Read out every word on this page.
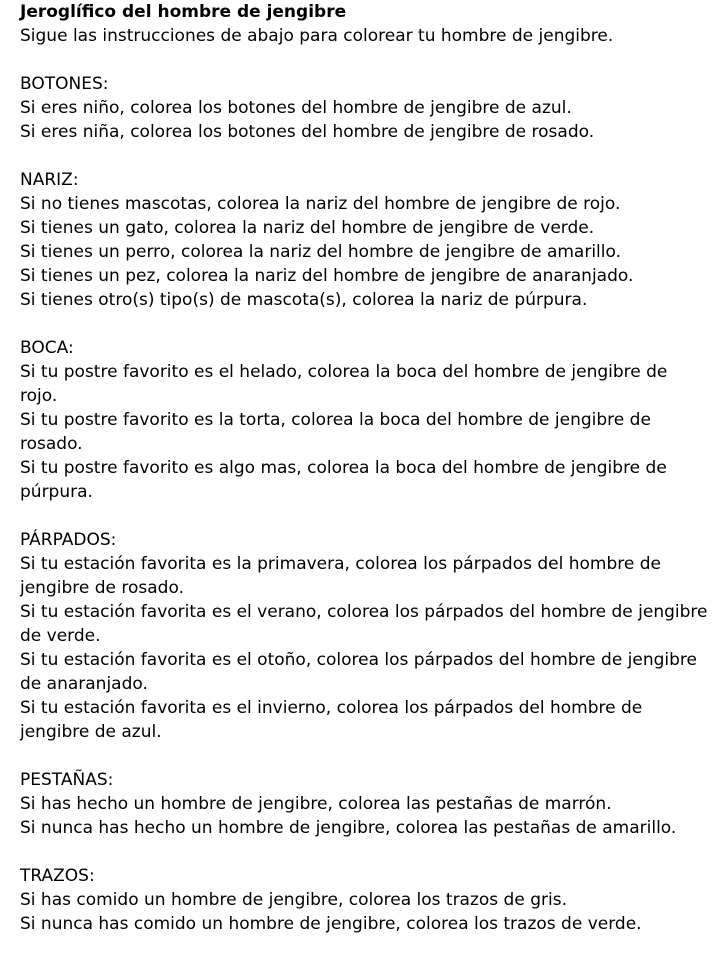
Jeroglífico del hombre de jengibre

Sigue las instrucciones de abajo para colorear tu hombre de jengibre.

BOTONES:

Si eres niño, colorea los botones del hombre de jengibre de azul.

Si eres niña, colorea los botones del hombre de jengibre de rosado.

NARIZ:

Si no tienes mascotas, colorea la nariz del hombre de jengibre de rojo.

Si tienes un gato, colorea la nariz del hombre de jengibre de verde.

Si tienes un perro, colorea la nariz del hombre de jengibre de amarillo.

Si tienes un pez, colorea la nariz del hombre de jengibre de anaranjado.

Si tienes otro(s) tipo(s) de mascota(s), colorea la nariz de púrpura.

BOCA:

Si tu postre favorito es el helado, colorea la boca del hombre de jengibre de rojo.

Si tu postre favorito es la torta, colorea la boca del hombre de jengibre de rosado.

Si tu postre favorito es algo mas, colorea la boca del hombre de jengibre de púrpura.

PÁRPADOS:

Si tu estación favorita es la primavera, colorea los párpados del hombre de jengibre de rosado.

Si tu estación favorita es el verano, colorea los párpados del hombre de jengibre de verde.

Si tu estación favorita es el otoño, colorea los párpados del hombre de jengibre de anaranjado.

Si tu estación favorita es el invierno, colorea los párpados del hombre de jengibre de azul.

PESTAÑAS:

Si has hecho un hombre de jengibre, colorea las pestañas de marrón.

Si nunca has hecho un hombre de jengibre, colorea las pestañas de amarillo.

TRAZOS:

Si has comido un hombre de jengibre, colorea los trazos de gris.

Si nunca has comido un hombre de jengibre, colorea los trazos de verde.
